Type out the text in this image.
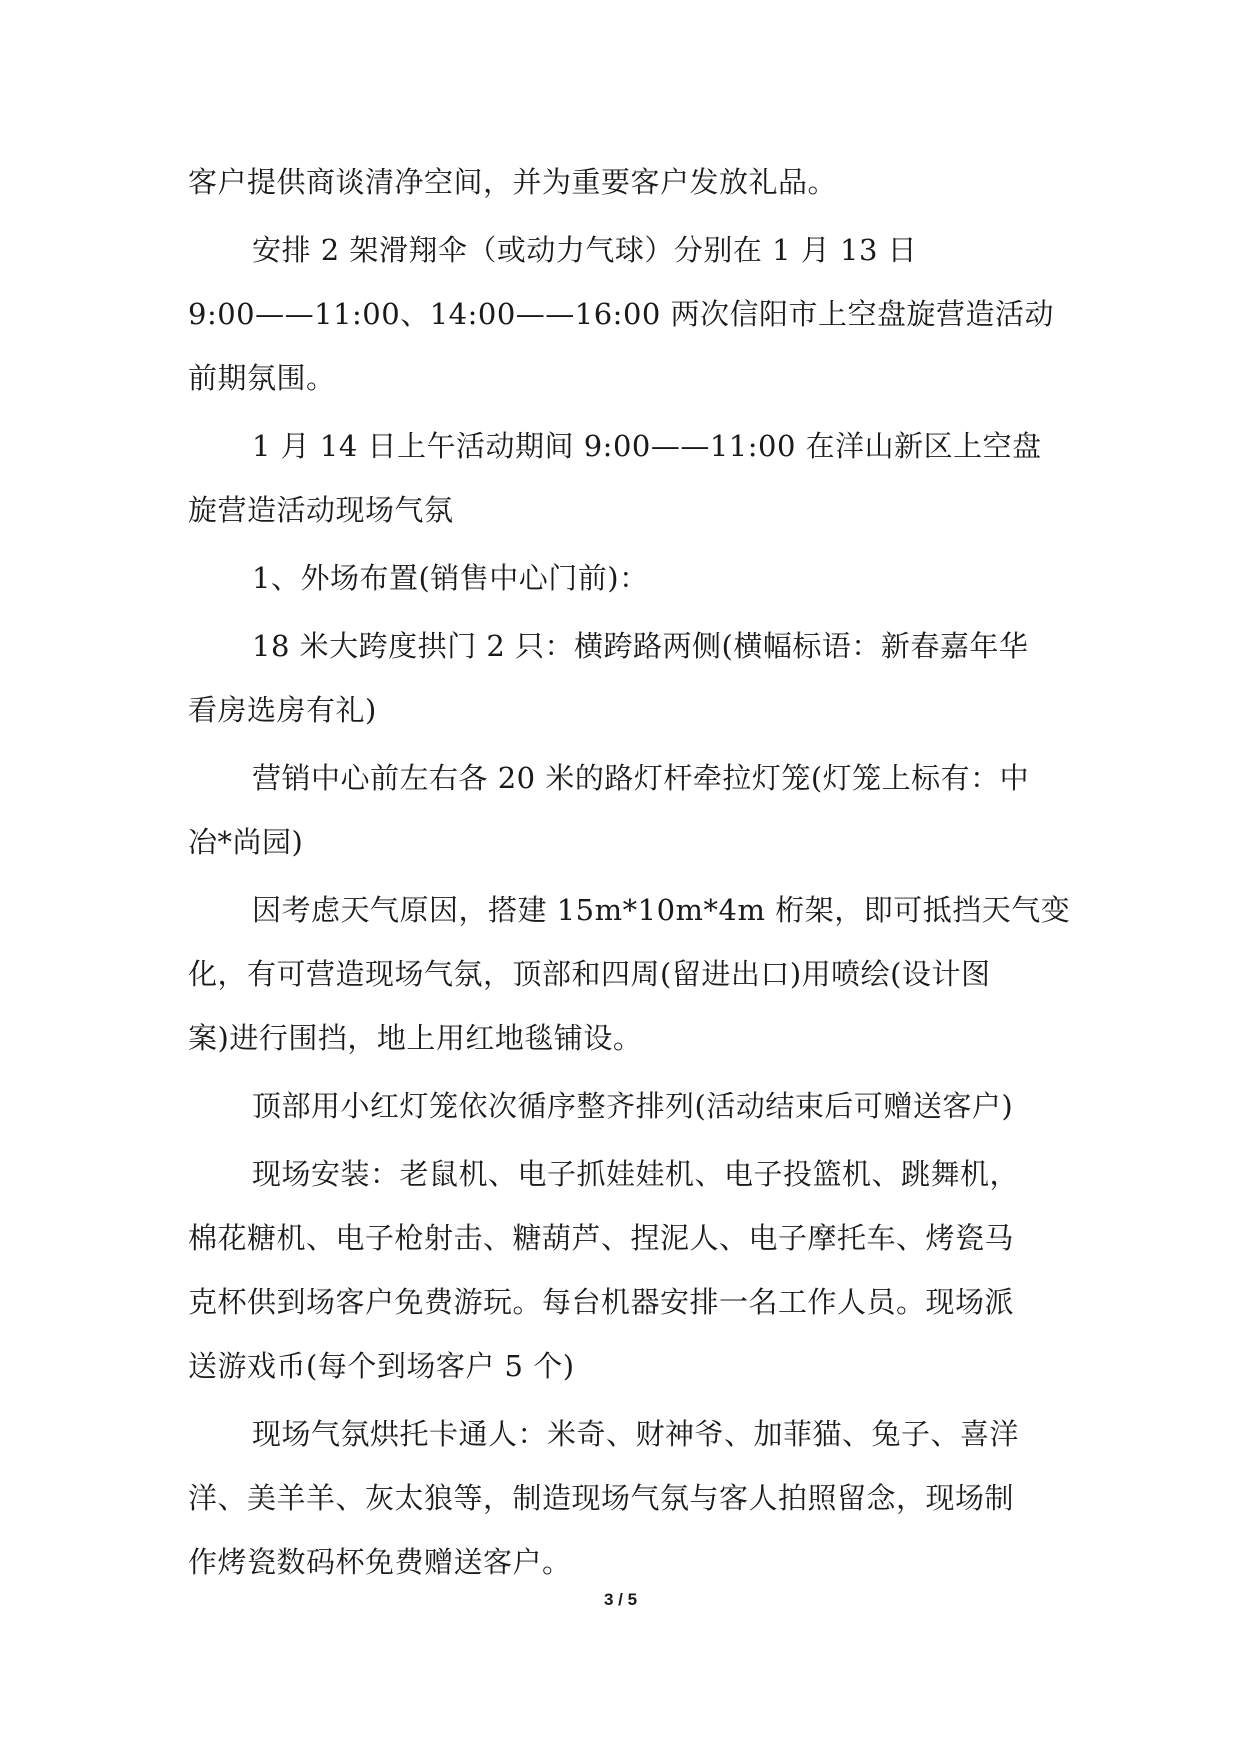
客户提供商谈清净空间，并为重要客户发放礼品。
安排 2 架滑翔伞（或动力气球）分别在 1 月 13 日
9:00——11:00、14:00——16:00 两次信阳市上空盘旋营造活动
前期氛围。
1 月 14 日上午活动期间 9:00——11:00 在洋山新区上空盘
旋营造活动现场气氛
1、外场布置(销售中心门前)：
18 米大跨度拱门 2 只：横跨路两侧(横幅标语：新春嘉年华
看房选房有礼)
营销中心前左右各 20 米的路灯杆牵拉灯笼(灯笼上标有：中
冶*尚园)
因考虑天气原因，搭建 15m*10m*4m 桁架，即可抵挡天气变
化，有可营造现场气氛，顶部和四周(留进出口)用喷绘(设计图
案)进行围挡，地上用红地毯铺设。
顶部用小红灯笼依次循序整齐排列(活动结束后可赠送客户)
现场安装：老鼠机、电子抓娃娃机、电子投篮机、跳舞机，
棉花糖机、电子枪射击、糖葫芦、捏泥人、电子摩托车、烤瓷马
克杯供到场客户免费游玩。每台机器安排一名工作人员。现场派
送游戏币(每个到场客户 5 个)
现场气氛烘托卡通人：米奇、财神爷、加菲猫、兔子、喜洋
洋、美羊羊、灰太狼等，制造现场气氛与客人拍照留念，现场制
作烤瓷数码杯免费赠送客户。
3 / 5
